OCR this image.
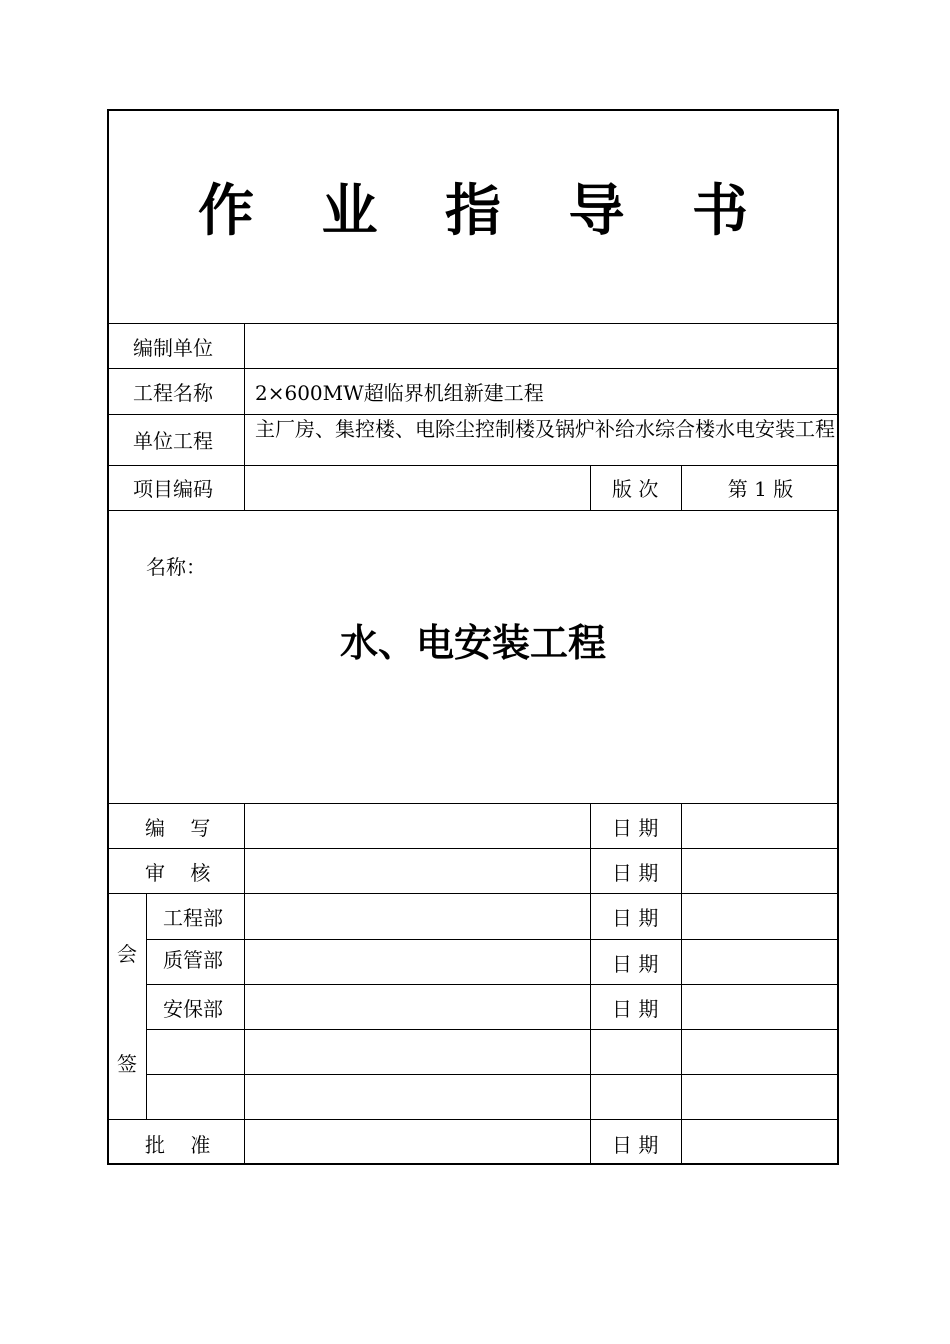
作 业 指 导 书
编制单位
工程名称 2×600MW超临界机组新建工程
单位工程 主厂房、集控楼、电除尘控制楼及锅炉补给水综合楼水电安装工程
项目编码	版 次	第 1 版
名称：
水、电安装工程
编    写	日 期
审    核	日 期
会
签
工程部	日 期
质管部	日 期
安保部	日 期
批    准	日 期
